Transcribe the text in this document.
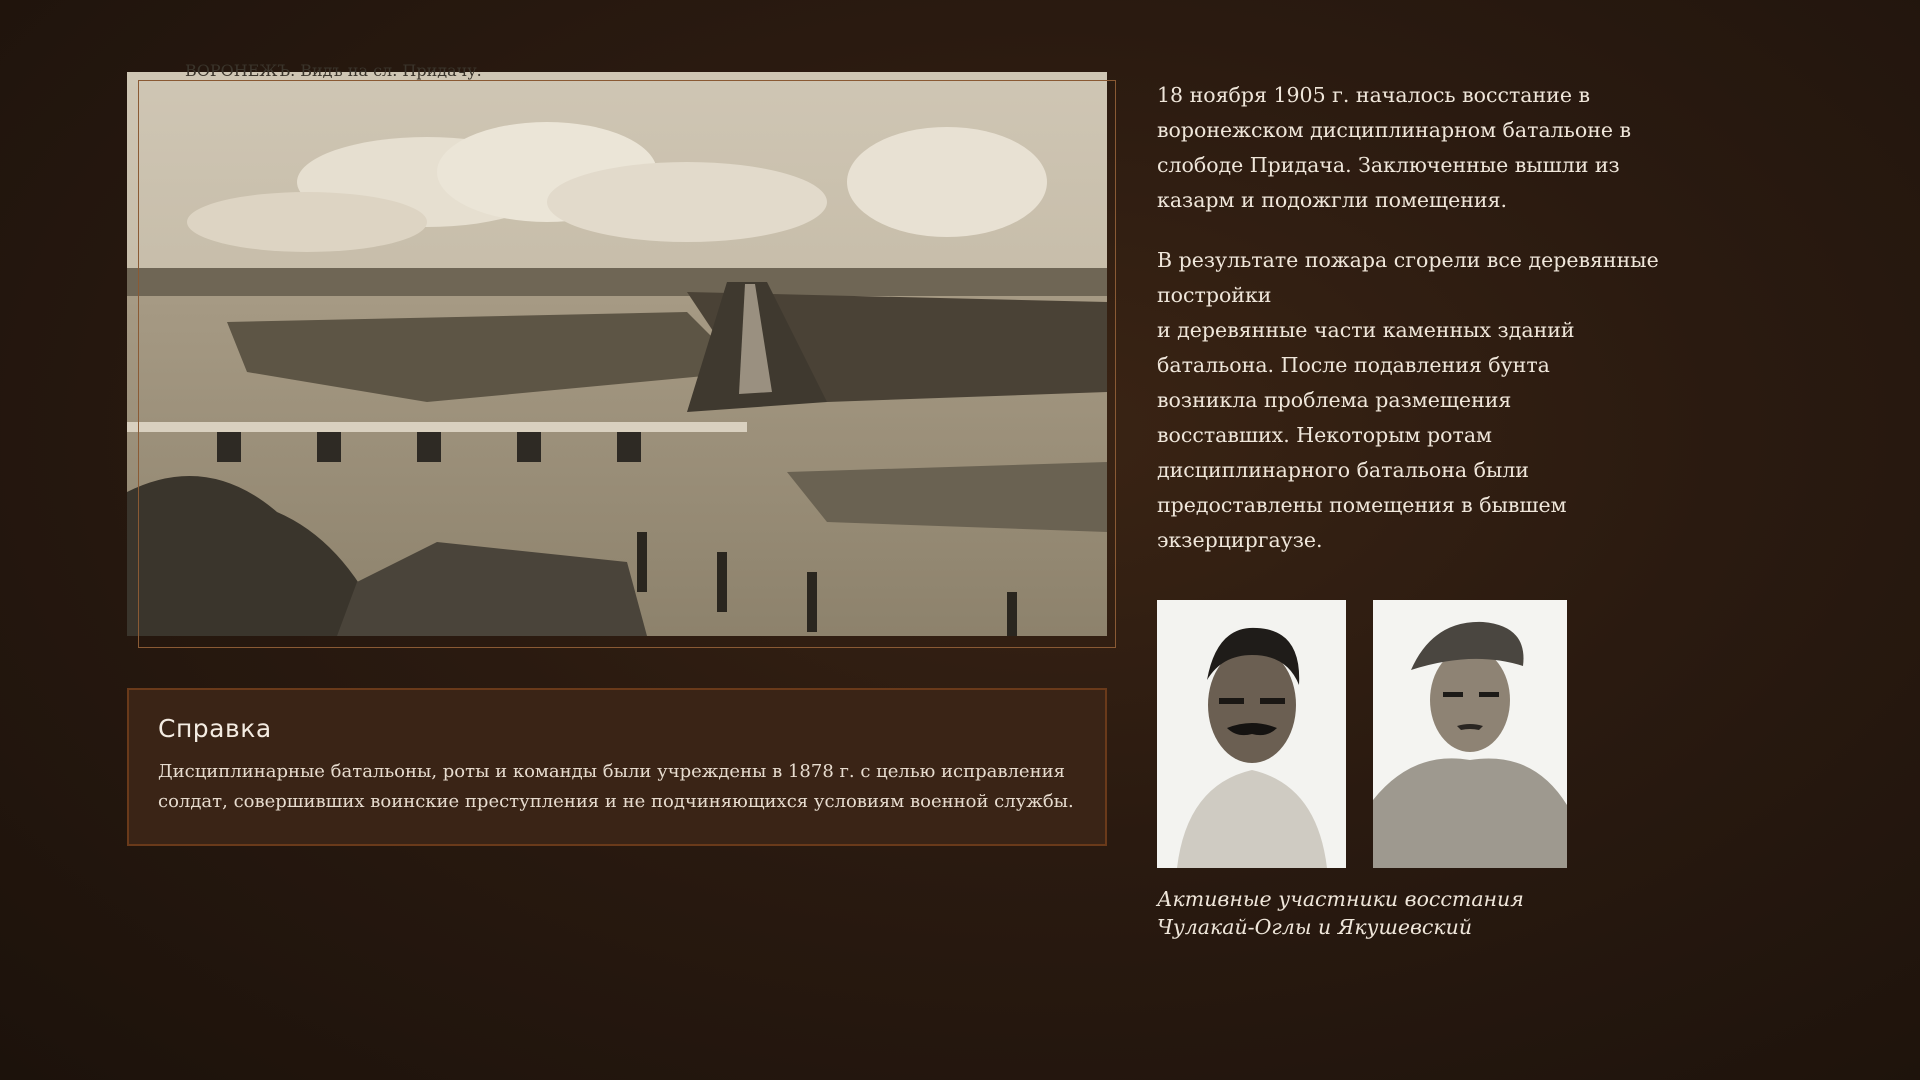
ВОРОНЕЖЪ. Видъ на сл. Придачу.
Справка

Дисциплинарные батальоны, роты и команды были учреждены в 1878 г. с целью исправления
солдат, совершивших воинские преступления и не подчиняющихся условиям военной службы.

18 ноября 1905 г. началось восстание в
воронежском дисциплинарном батальоне в
слободе Придача. Заключенные вышли из
казарм и подожгли помещения.

В результате пожара сгорели все деревянные
постройки
и деревянные части каменных зданий
батальона. После подавления бунта
возникла проблема размещения
восставших. Некоторым ротам
дисциплинарного батальона были
предоставлены помещения в бывшем
экзерциргаузе.

Активные участники восстания
Чулакай-Оглы и Якушевский
